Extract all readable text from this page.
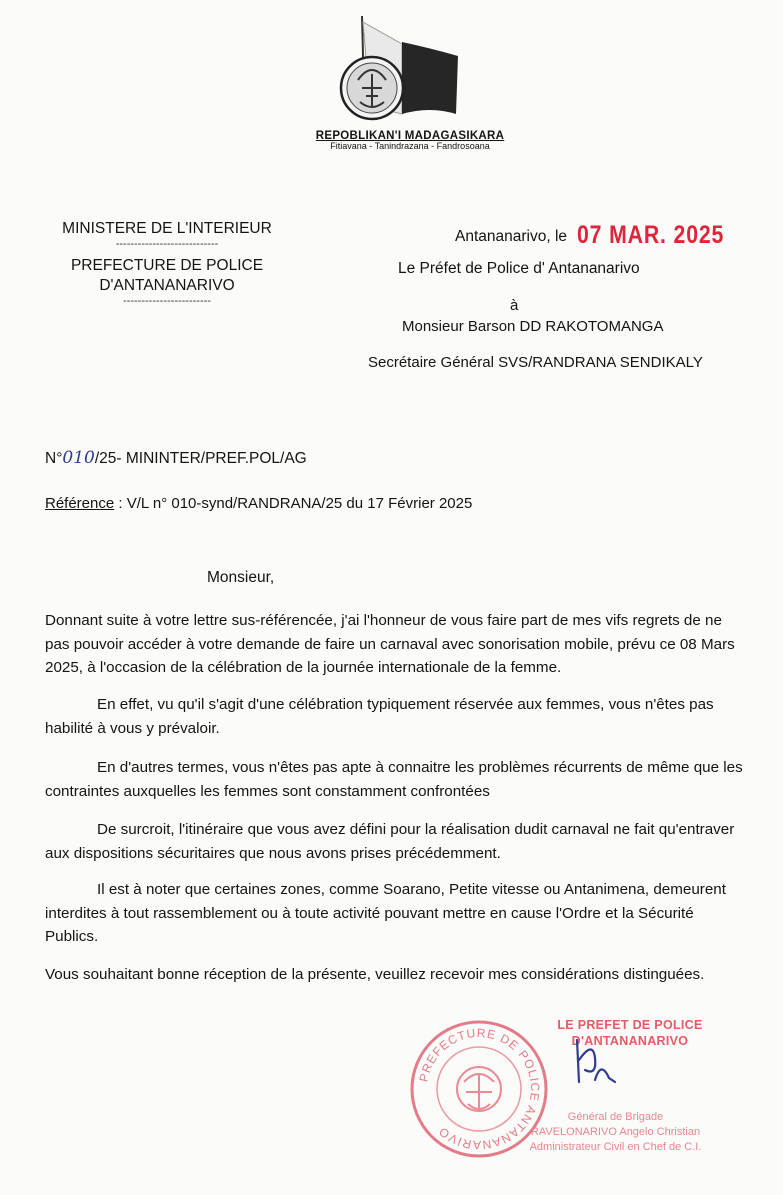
REPOBLIKAN'I MADAGASIKARA
Fitiavana - Tanindrazana - Fandrosoana
MINISTERE DE L'INTERIEUR
----------------------------
PREFECTURE DE POLICE
D'ANTANANARIVO
------------------------
Antananarivo, le 07 MAR. 2025
Le Préfet de Police d' Antananarivo
à
Monsieur Barson DD RAKOTOMANGA
Secrétaire Général SVS/RANDRANA SENDIKALY
N°010/25- MININTER/PREF.POL/AG
Référence : V/L n° 010-synd/RANDRANA/25 du 17 Février 2025
Monsieur,
Donnant suite à votre lettre sus-référencée, j'ai l'honneur de vous faire part de mes vifs regrets de ne pas pouvoir accéder à votre demande de faire un carnaval avec sonorisation mobile, prévu ce 08 Mars 2025, à l'occasion de la célébration de la journée internationale de la femme.
En effet, vu qu'il s'agit d'une célébration typiquement réservée aux femmes, vous n'êtes pas habilité à vous y prévaloir.
En d'autres termes, vous n'êtes pas apte à connaitre les problèmes récurrents de même que les contraintes auxquelles les femmes sont constamment confrontées
De surcroit, l'itinéraire que vous avez défini pour la réalisation dudit carnaval ne fait qu'entraver aux dispositions sécuritaires que nous avons prises précédemment.
Il est à noter que certaines zones, comme Soarano, Petite vitesse ou Antanimena, demeurent interdites à tout rassemblement ou à toute activité pouvant mettre en cause l'Ordre et la Sécurité Publics.
Vous souhaitant bonne réception de la présente, veuillez recevoir mes considérations distinguées.
PREFECTURE DE POLICE ANTANANARIVO
LE PREFET DE POLICE
D'ANTANANARIVO
Général de Brigade
RAVELONARIVO Angelo Christian
Administrateur Civil en Chef de C.I.
